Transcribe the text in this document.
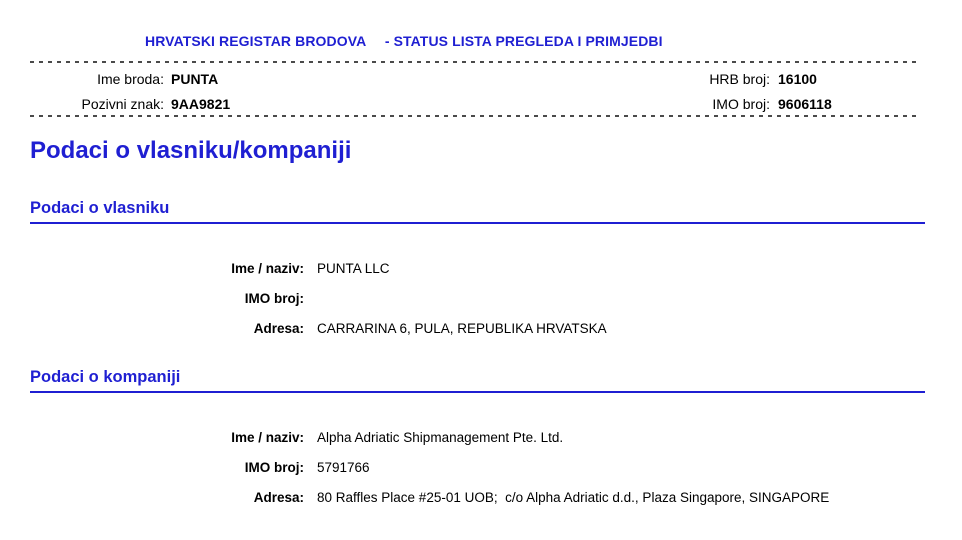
HRVATSKI REGISTAR BRODOVA - STATUS LISTA PREGLEDA I PRIMJEDBI
Ime broda: PUNTA
Pozivni znak: 9AA9821
HRB broj: 16100
IMO broj: 9606118
Podaci o vlasniku/kompaniji
Podaci o vlasniku
Ime / naziv: PUNTA LLC
IMO broj:
Adresa: CARRARINA 6, PULA, REPUBLIKA HRVATSKA
Podaci o kompaniji
Ime / naziv: Alpha Adriatic Shipmanagement Pte. Ltd.
IMO broj: 5791766
Adresa: 80 Raffles Place #25-01 UOB;  c/o Alpha Adriatic d.d., Plaza Singapore, SINGAPORE
